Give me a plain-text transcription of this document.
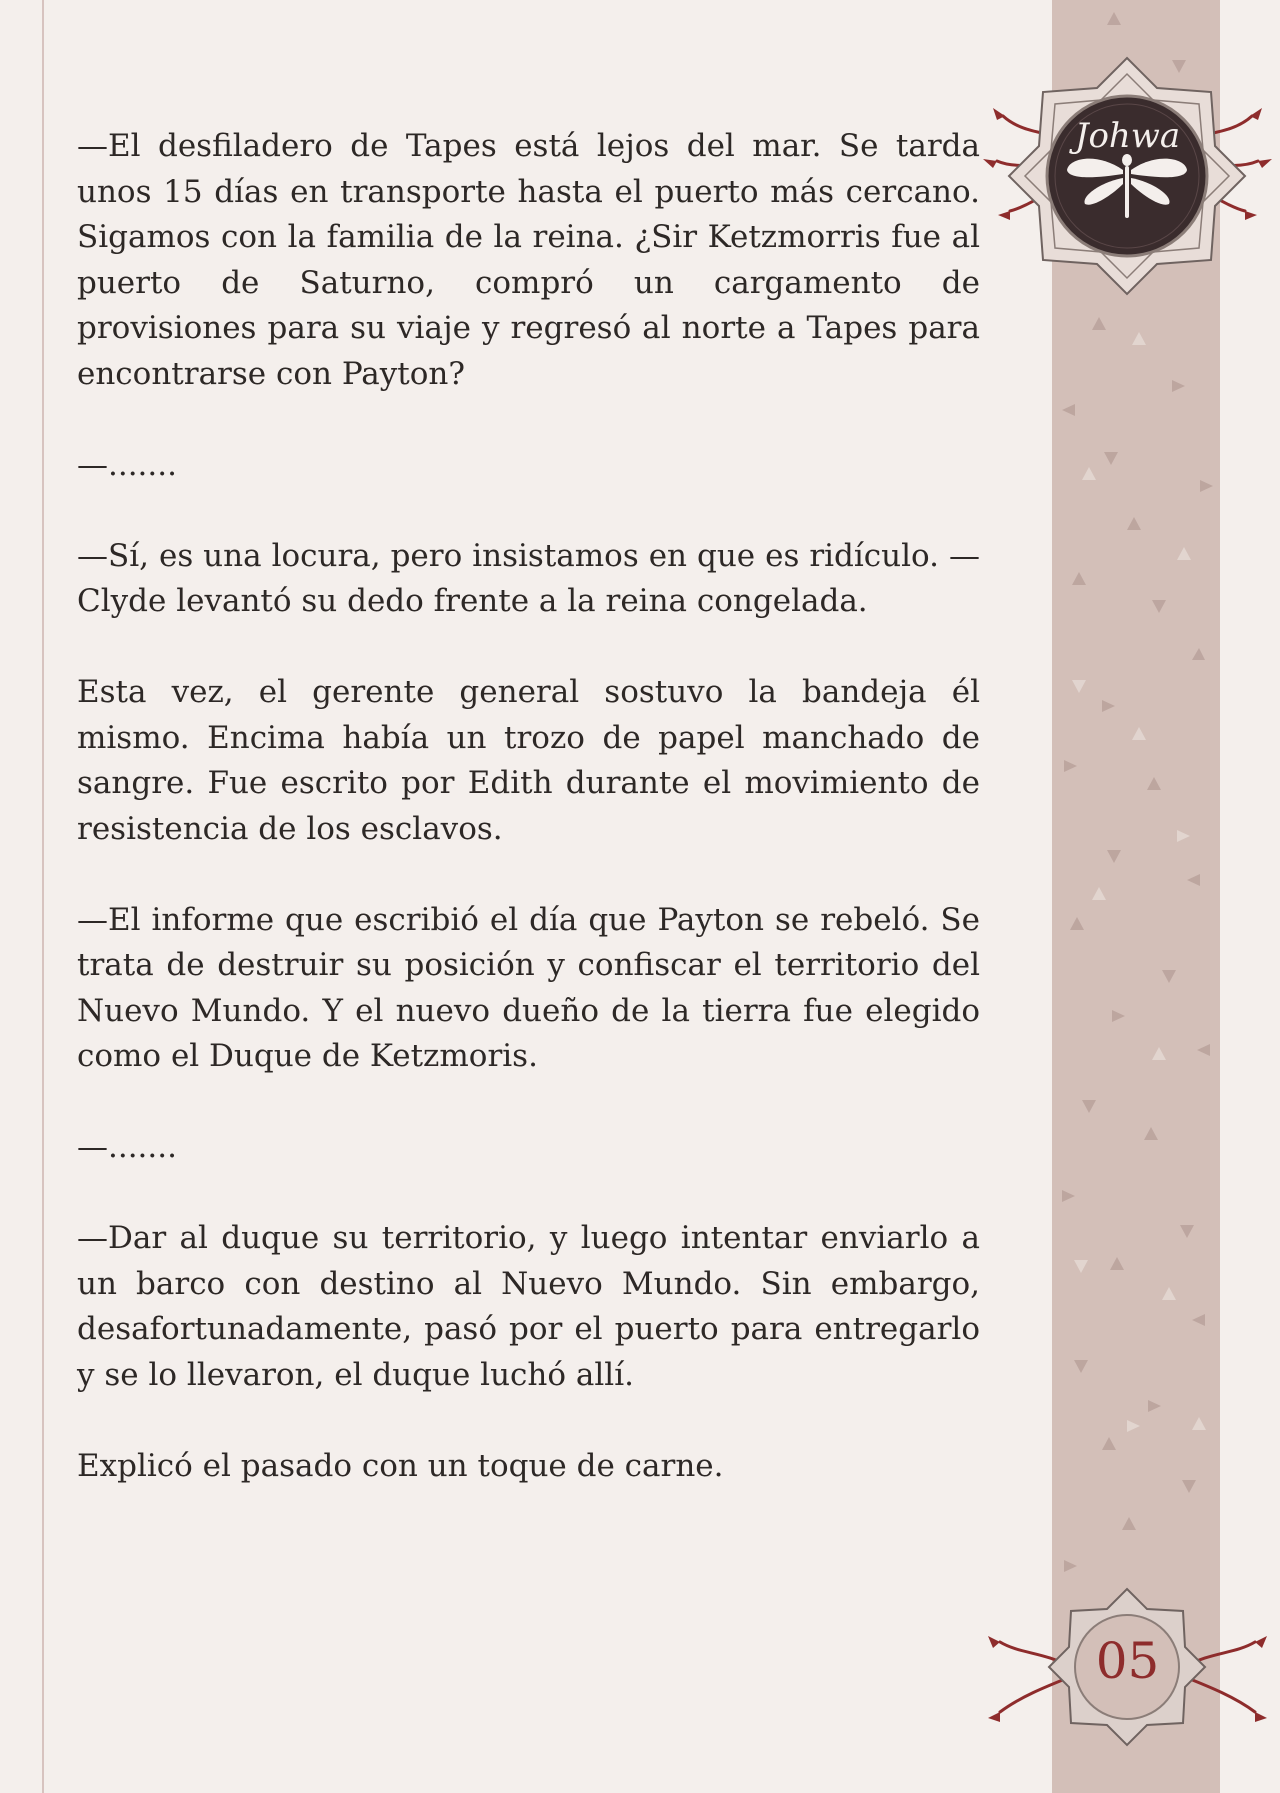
Johwa

—El desfiladero de Tapes está lejos del mar. Se tarda unos 15 días en transporte hasta el puerto más cercano. Sigamos con la familia de la reina. ¿Sir Ketzmorris fue al puerto de Saturno, compró un cargamento de provisiones para su viaje y regresó al norte a Tapes para encontrarse con Payton?

—.......

—Sí, es una locura, pero insistamos en que es ridículo. —Clyde levantó su dedo frente a la reina congelada.

Esta vez, el gerente general sostuvo la bandeja él mismo. Encima había un trozo de papel manchado de sangre. Fue escrito por Edith durante el movimiento de resistencia de los esclavos.

—El informe que escribió el día que Payton se rebeló. Se trata de destruir su posición y confiscar el territorio del Nuevo Mundo. Y el nuevo dueño de la tierra fue elegido como el Duque de Ketzmoris.

—.......

—Dar al duque su territorio, y luego intentar enviarlo a un barco con destino al Nuevo Mundo. Sin embargo, desafortunadamente, pasó por el puerto para entregarlo y se lo llevaron, el duque luchó allí.

Explicó el pasado con un toque de carne.

05
